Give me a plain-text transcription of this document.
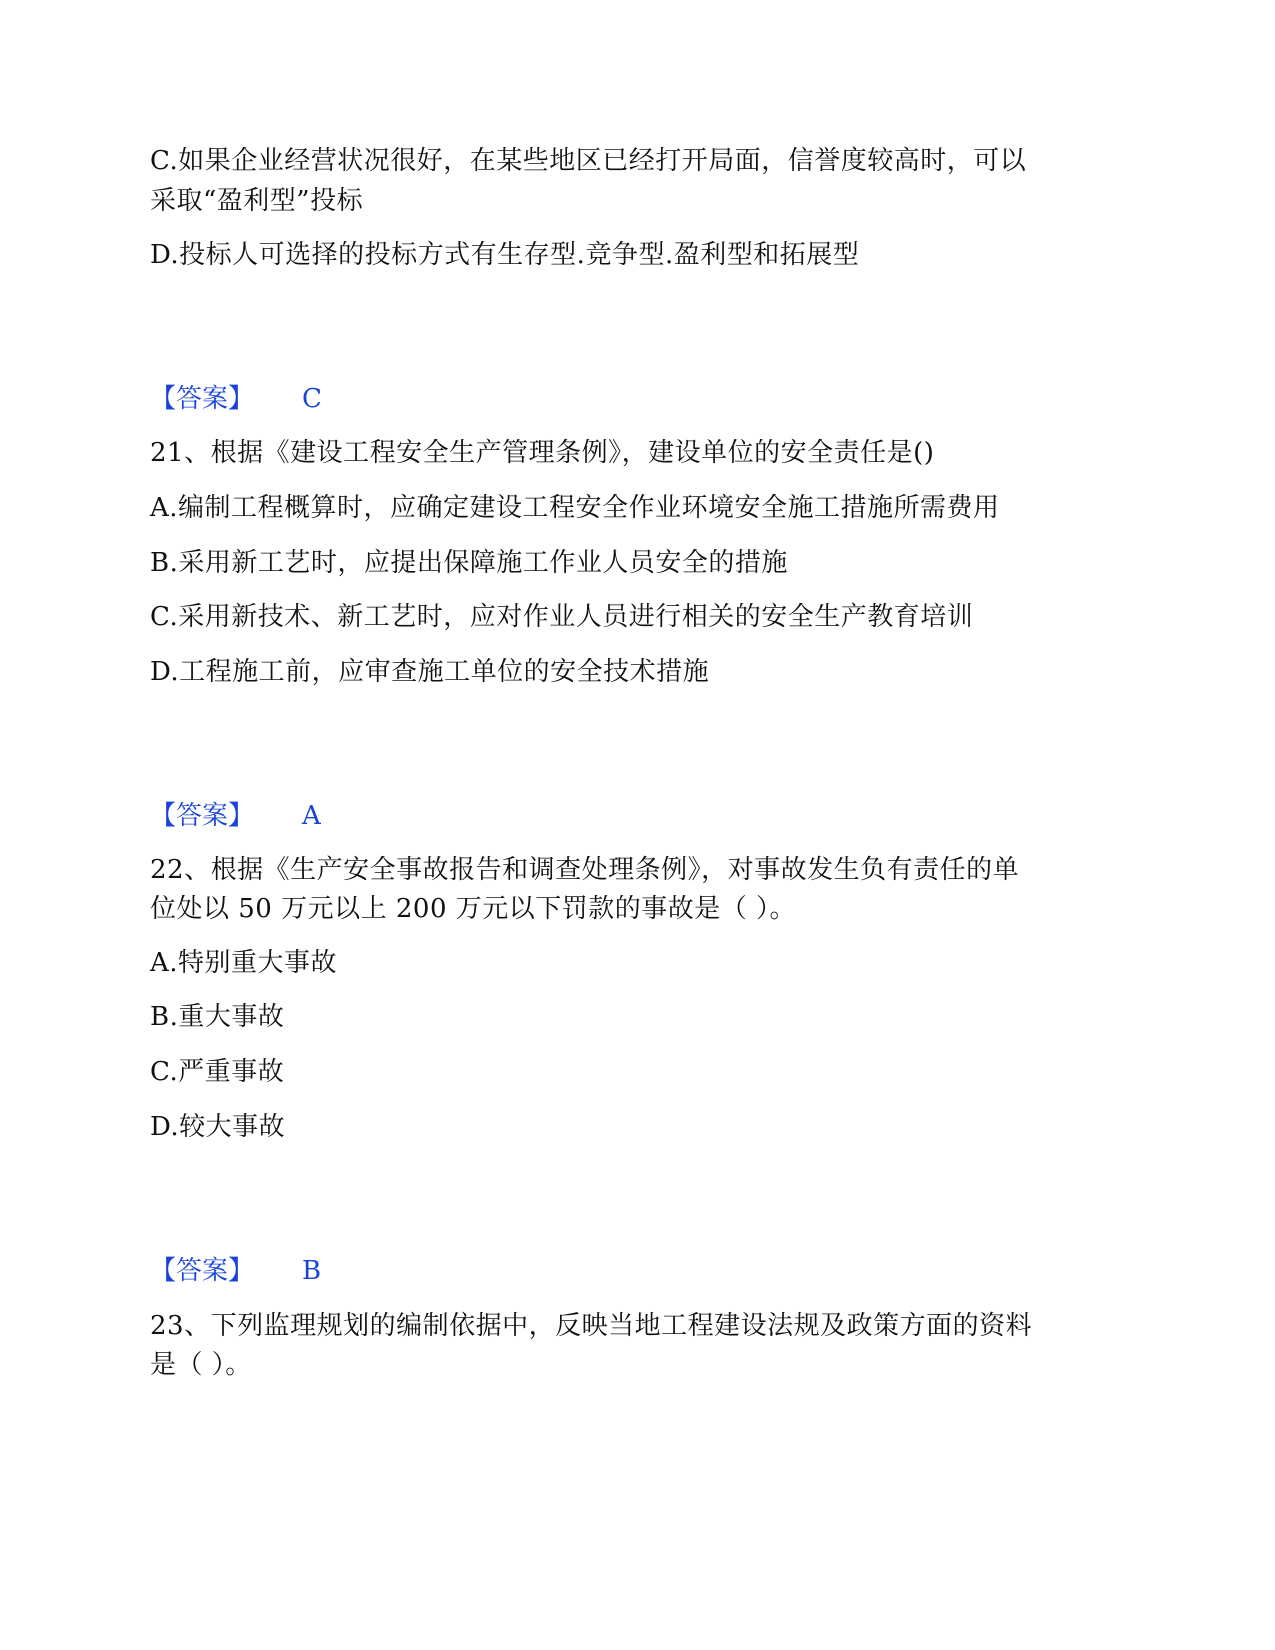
C.如果企业经营状况很好，在某些地区已经打开局面，信誉度较高时，可以
采取“盈利型”投标
D.投标人可选择的投标方式有生存型.竞争型.盈利型和拓展型
【答案】 C
21、根据《建设工程安全生产管理条例》，建设单位的安全责任是()
A.编制工程概算时，应确定建设工程安全作业环境安全施工措施所需费用
B.采用新工艺时，应提出保障施工作业人员安全的措施
C.采用新技术、新工艺时，应对作业人员进行相关的安全生产教育培训
D.工程施工前，应审查施工单位的安全技术措施
【答案】 A
22、根据《生产安全事故报告和调查处理条例》，对事故发生负有责任的单
位处以 50 万元以上 200 万元以下罚款的事故是（ ）。
A.特别重大事故
B.重大事故
C.严重事故
D.较大事故
【答案】 B
23、下列监理规划的编制依据中，反映当地工程建设法规及政策方面的资料
是（ ）。
